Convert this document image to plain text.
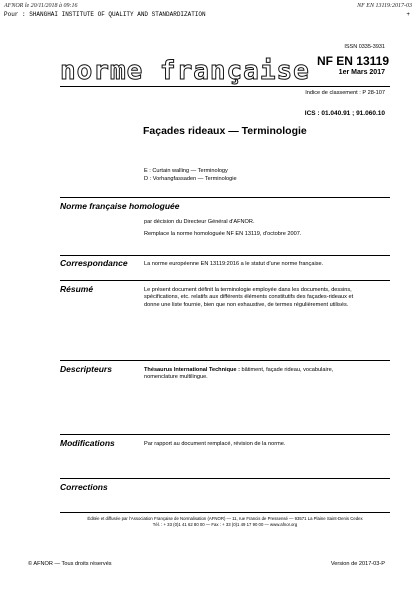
AFNOR le 20/11/2018 à 09:16	NF EN 13119:2017-03
Pour : SHANGHAI INSTITUTE OF QUALITY AND STANDARDIZATION	+
ISSN 0335-3931
norme française NF EN 13119
1er Mars 2017
Indice de classement : P 28-107
ICS : 01.040.91 ; 91.060.10
Façades rideaux — Terminologie
E : Curtain walling — Terminology
D : Vorhangfassaden — Terminologie
Norme française homologuée
par décision du Directeur Général d'AFNOR.
Remplace la norme homologuée NF EN 13119, d'octobre 2007.
Correspondance	La norme européenne EN 13119:2016 a le statut d'une norme française.
Résumé	Le présent document définit la terminologie employée dans les documents, dessins,
spécifications, etc. relatifs aux différents éléments constitutifs des façades-rideaux et
donne une liste fournie, bien que non exhaustive, de termes régulièrement utilisés.
Descripteurs	Thésaurus International Technique : bâtiment, façade rideau, vocabulaire,
nomenclature multilingue.
Modifications	Par rapport au document remplacé, révision de la norme.
Corrections
Éditée et diffusée par l'Association Française de Normalisation (AFNOR) — 11, rue Francis de Pressensé — 93571 La Plaine Saint-Denis Cedex
Tél. : + 33 (0)1 41 62 80 00 — Fax : + 33 (0)1 49 17 90 00 — www.afnor.org
© AFNOR — Tous droits réservés	Version de 2017-03-P
